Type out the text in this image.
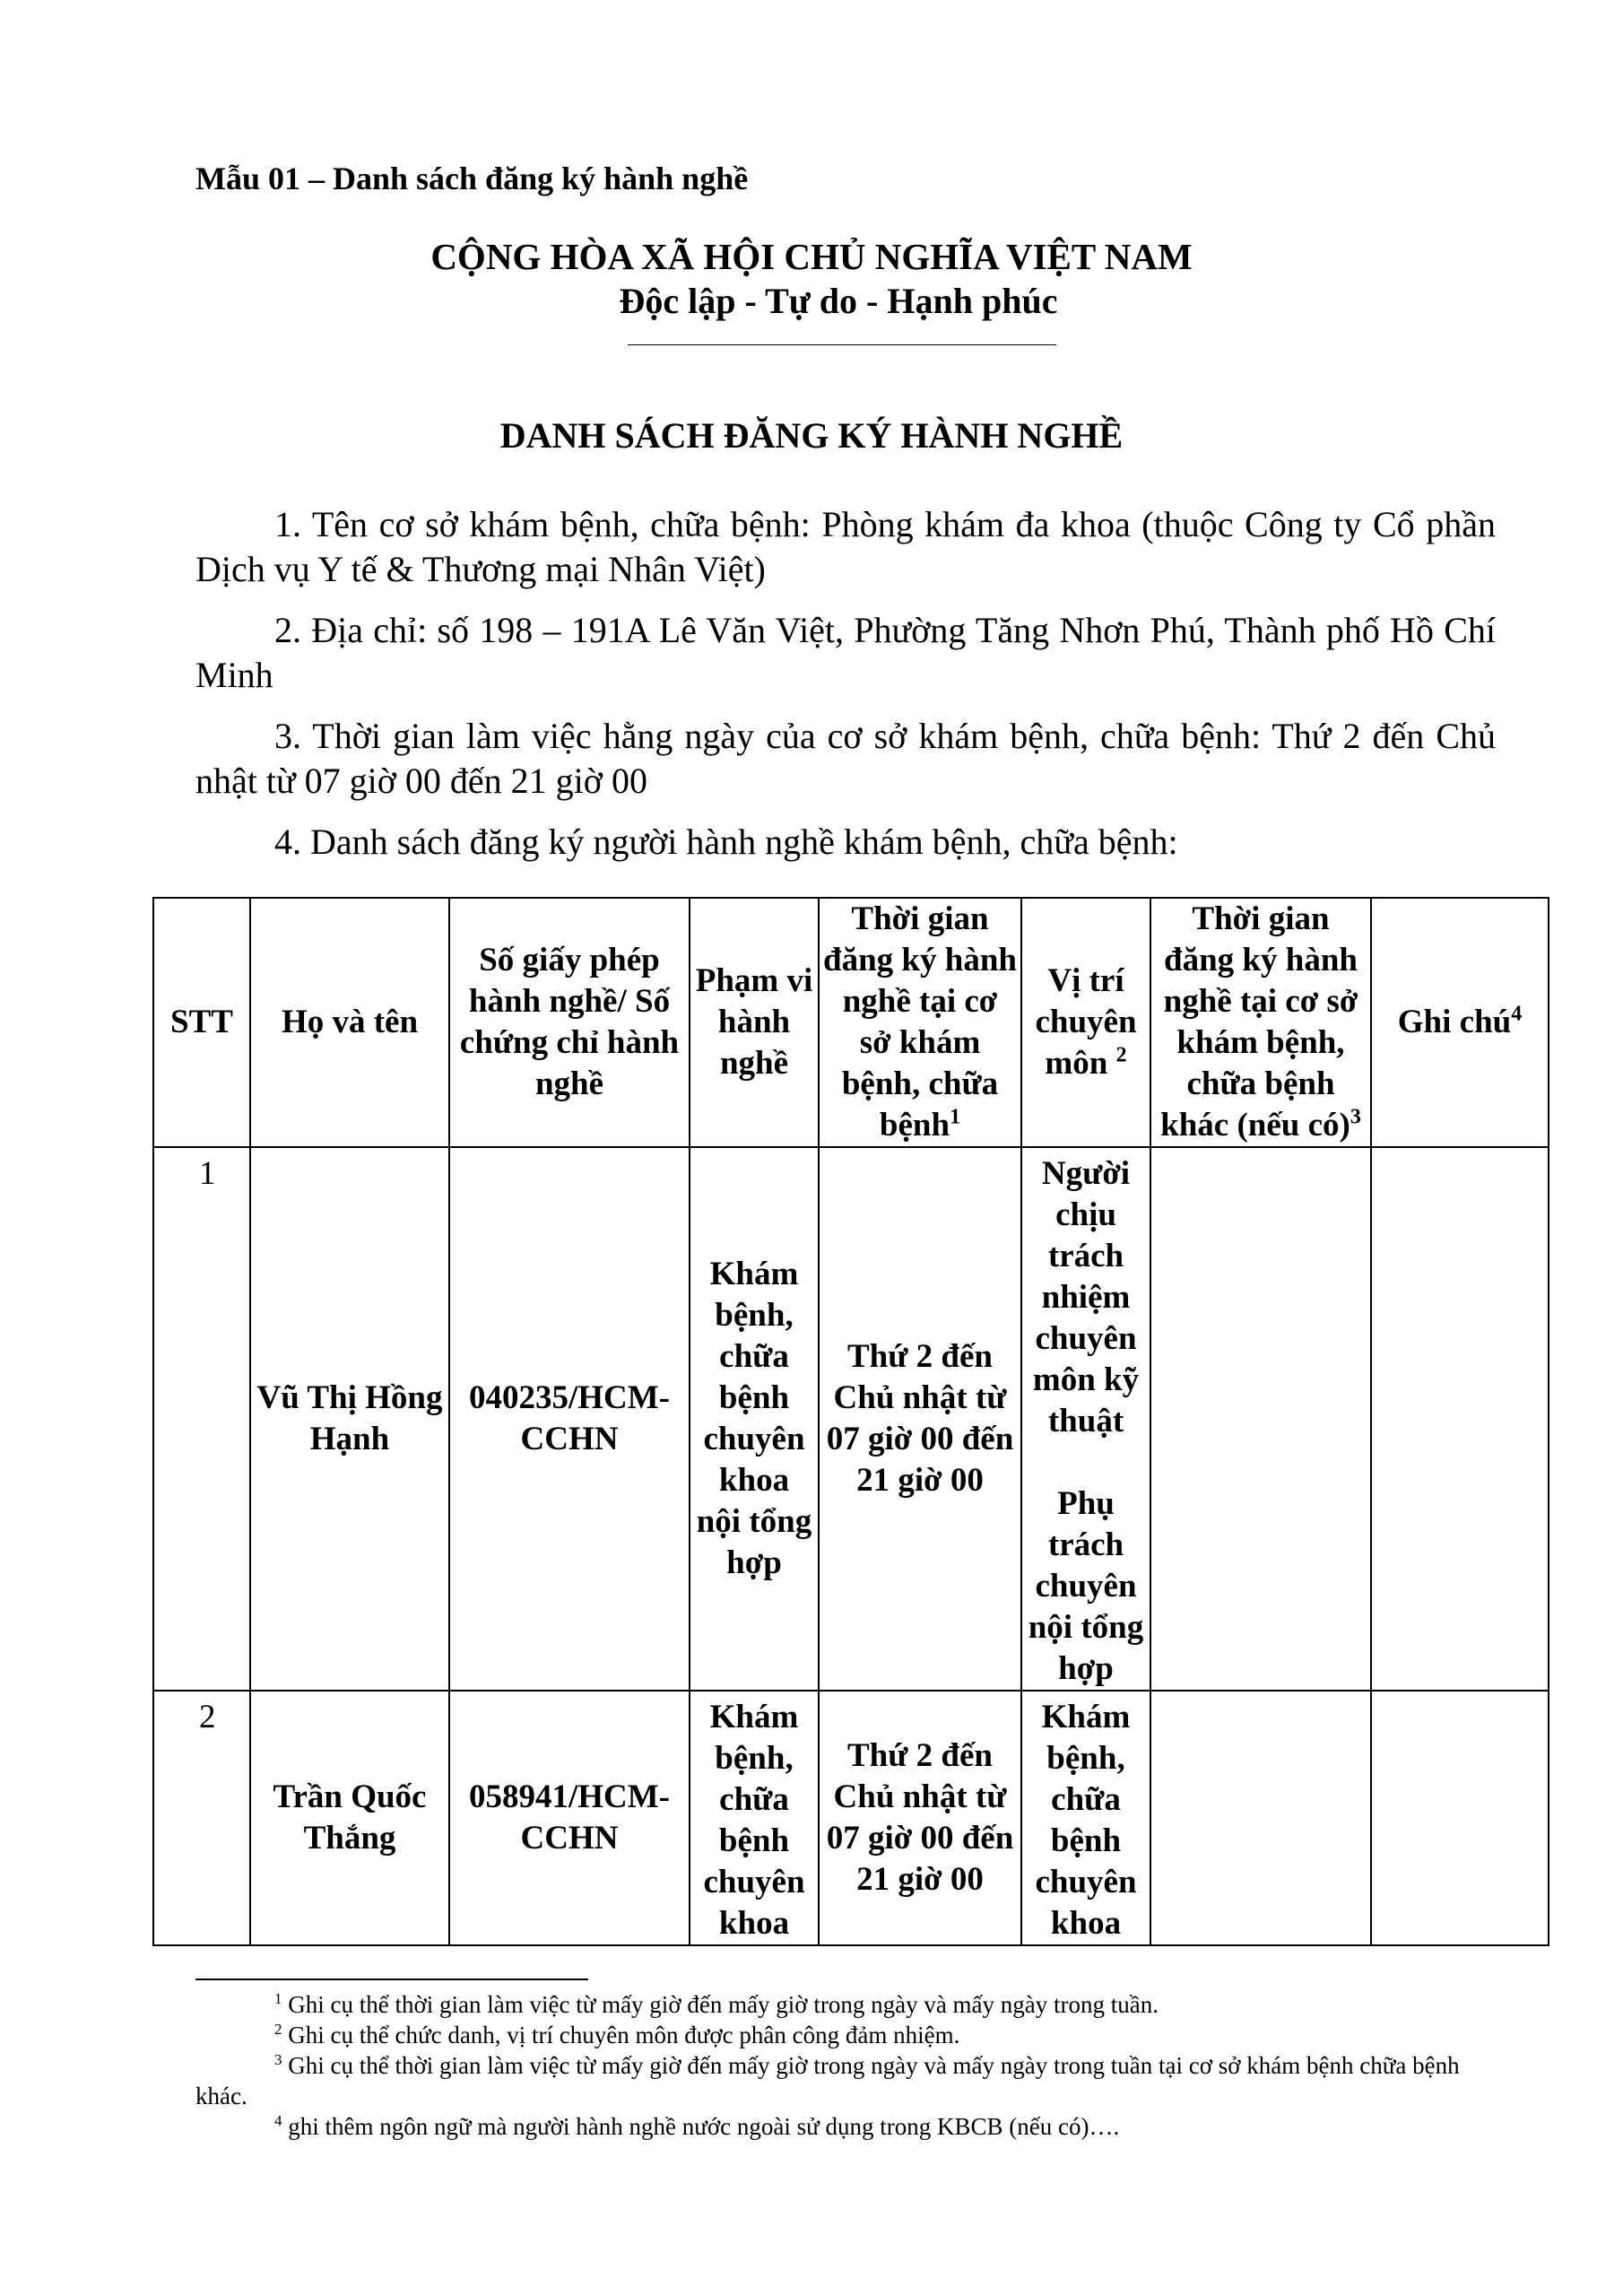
Mẫu 01 – Danh sách đăng ký hành nghề
CỘNG HÒA XÃ HỘI CHỦ NGHĨA VIỆT NAM
Độc lập - Tự do - Hạnh phúc
DANH SÁCH ĐĂNG KÝ HÀNH NGHỀ
1. Tên cơ sở khám bệnh, chữa bệnh: Phòng khám đa khoa (thuộc Công ty Cổ phần Dịch vụ Y tế & Thương mại Nhân Việt)
2. Địa chỉ: số 198 – 191A Lê Văn Việt, Phường Tăng Nhơn Phú, Thành phố Hồ Chí Minh
3. Thời gian làm việc hằng ngày của cơ sở khám bệnh, chữa bệnh: Thứ 2 đến Chủ nhật từ 07 giờ 00 đến 21 giờ 00
4. Danh sách đăng ký người hành nghề khám bệnh, chữa bệnh:
STT	Họ và tên	Số giấy phép hành nghề/ Số chứng chỉ hành nghề	Phạm vi hành nghề	Thời gian đăng ký hành nghề tại cơ sở khám bệnh, chữa bệnh$^1$	Vị trí chuyên môn $^2$	Thời gian đăng ký hành nghề tại cơ sở khám bệnh, chữa bệnh khác (nếu có)$^3$	Ghi chú$^4$
1	Vũ Thị Hồng Hạnh	040235/HCM-CCHN	Khám bệnh, chữa bệnh chuyên khoa nội tổng hợp	Thứ 2 đến Chủ nhật từ 07 giờ 00 đến 21 giờ 00	Người chịu trách nhiệm chuyên môn kỹ thuật
Phụ trách chuyên nội tổng hợp		

2	Trần Quốc Thắng	058941/HCM-CCHN	Khám bệnh, chữa bệnh chuyên khoa	Thứ 2 đến Chủ nhật từ 07 giờ 00 đến 21 giờ 00	Khám bệnh, chữa bệnh chuyên khoa		
$^1$ Ghi cụ thể thời gian làm việc từ mấy giờ đến mấy giờ trong ngày và mấy ngày trong tuần.
$^2$ Ghi cụ thể chức danh, vị trí chuyên môn được phân công đảm nhiệm.
$^3$ Ghi cụ thể thời gian làm việc từ mấy giờ đến mấy giờ trong ngày và mấy ngày trong tuần tại cơ sở khám bệnh chữa bệnh khác.
$^4$ ghi thêm ngôn ngữ mà người hành nghề nước ngoài sử dụng trong KBCB (nếu có)….
